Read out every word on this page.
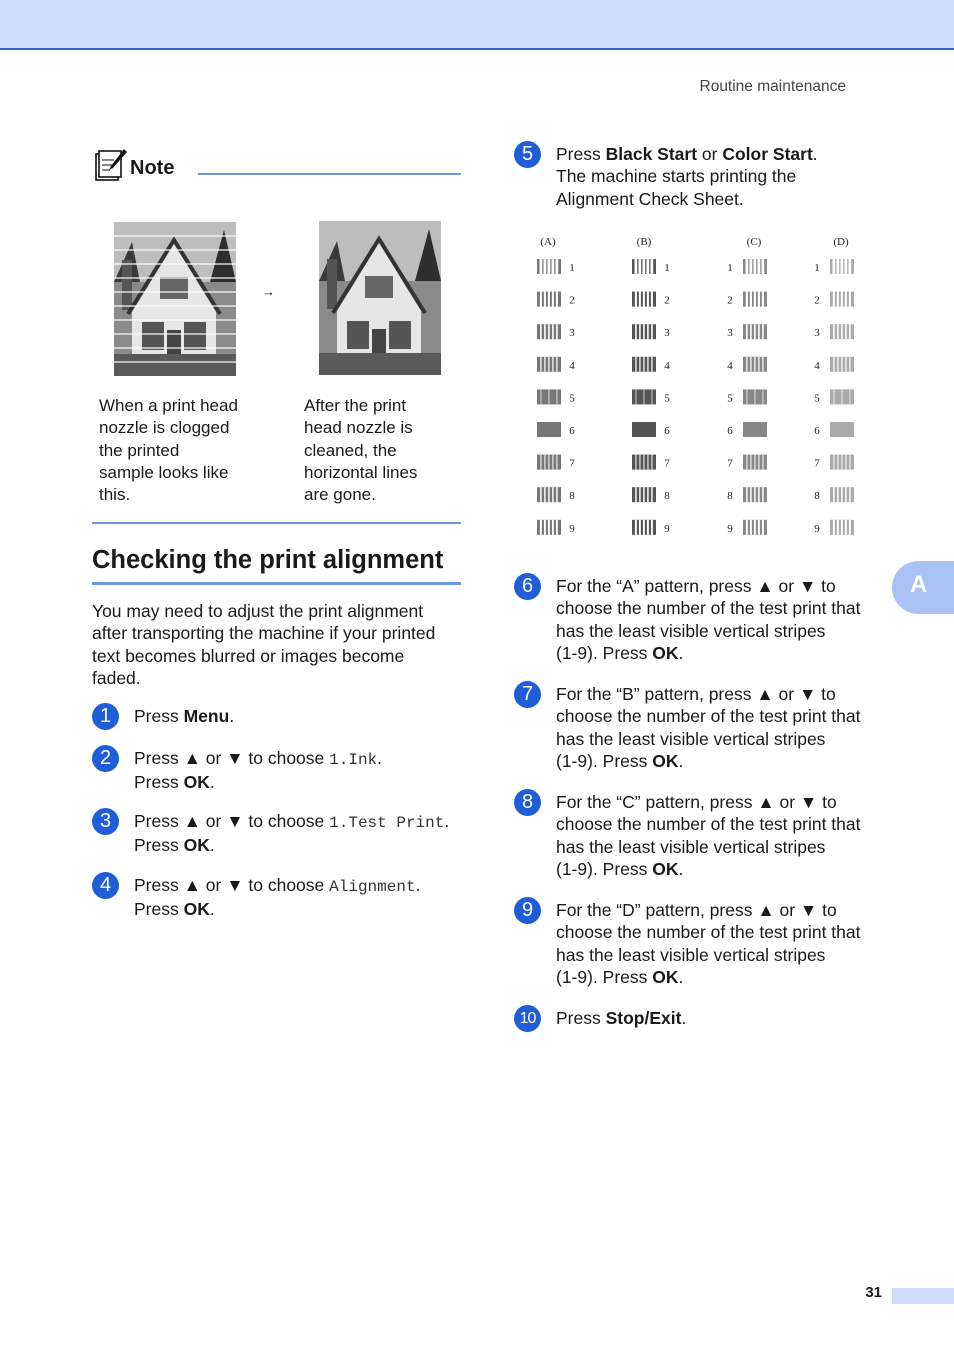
Routine maintenance
Note
→
When a print head
nozzle is clogged
the printed
sample looks like
this.
After the print
head nozzle is
cleaned, the
horizontal lines
are gone.
Checking the print alignment
You may need to adjust the print alignment
after transporting the machine if your printed
text becomes blurred or images become
faded.
1	Press Menu.
2	Press ▲ or ▼ to choose 1.Ink.
Press OK.
3	Press ▲ or ▼ to choose 1.Test Print.
Press OK.
4	Press ▲ or ▼ to choose Alignment.
Press OK.
5	Press Black Start or Color Start.
The machine starts printing the
Alignment Check Sheet.
6	For the “A” pattern, press ▲ or ▼ to
choose the number of the test print that
has the least visible vertical stripes
(1-9). Press OK.
7	For the “B” pattern, press ▲ or ▼ to
choose the number of the test print that
has the least visible vertical stripes
(1-9). Press OK.
8	For the “C” pattern, press ▲ or ▼ to
choose the number of the test print that
has the least visible vertical stripes
(1-9). Press OK.
9	For the “D” pattern, press ▲ or ▼ to
choose the number of the test print that
has the least visible vertical stripes
(1-9). Press OK.
10	Press Stop/Exit.
(A)	(B)	(C)	(D)
1	1	1	1
2	2	2	2
3	3	3	3
4	4	4	4
5	5	5	5
6	6	6	6
7	7	7	7
8	8	8	8
9	9	9	9
A
31
